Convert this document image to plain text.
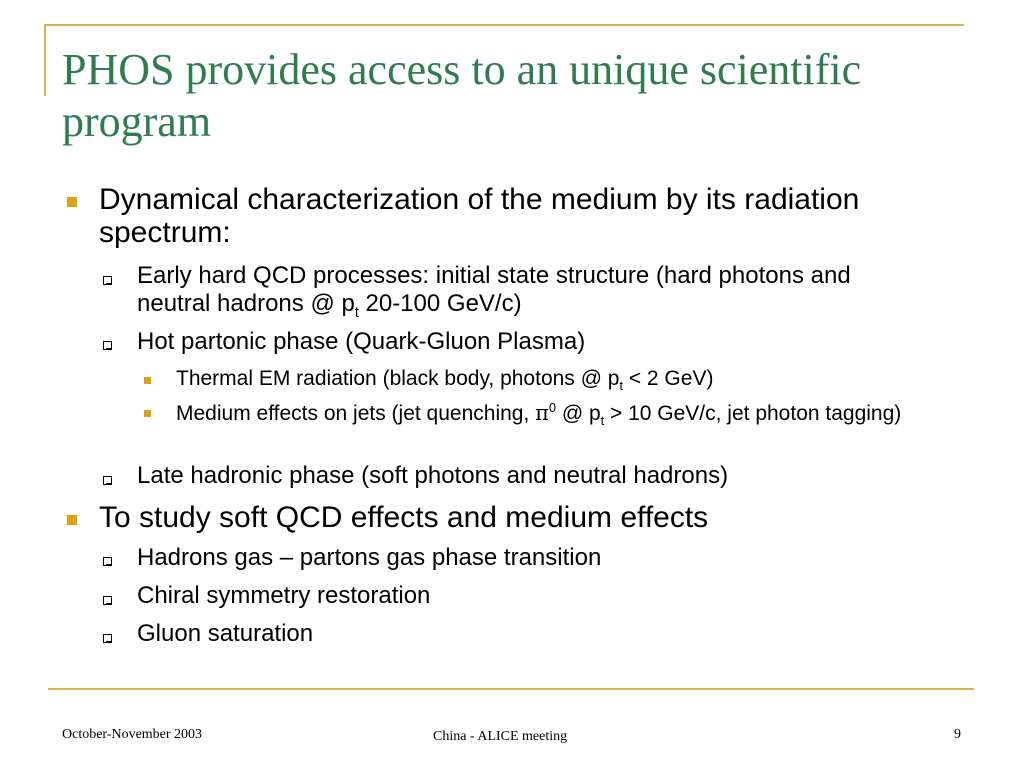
PHOS provides access to an unique scientific program

Dynamical characterization of the medium by its radiation spectrum:

Early hard QCD processes: initial state structure (hard photons and neutral hadrons @ $p_t$ 20-100 GeV/c)

Hot partonic phase (Quark-Gluon Plasma)

Thermal EM radiation (black body, photons @ $p_t < 2$ GeV)

Medium effects on jets (jet quenching, $\pi^0$ @ $p_t > 10$ GeV/c, jet photon tagging)

Late hadronic phase (soft photons and neutral hadrons)

To study soft QCD effects and medium effects

Hadrons gas – partons gas phase transition

Chiral symmetry restoration

Gluon saturation

October-November 2003	China - ALICE meeting	9
